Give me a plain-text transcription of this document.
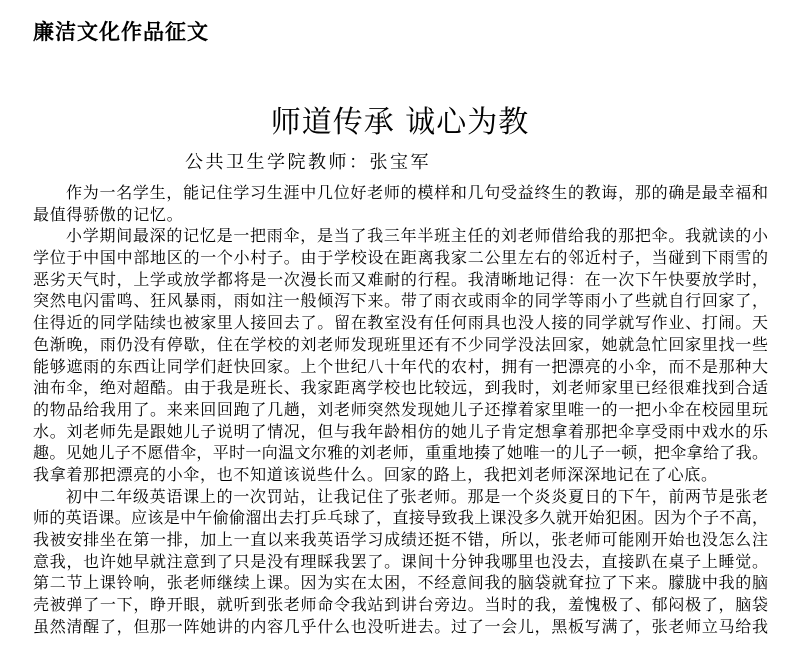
廉洁文化作品征文
师道传承 诚心为教
公共卫生学院教师：张宝军
作为一名学生，能记住学习生涯中几位好老师的模样和几句受益终生的教诲，那的确是最幸福和
最值得骄傲的记忆。
小学期间最深的记忆是一把雨伞，是当了我三年半班主任的刘老师借给我的那把伞。我就读的小
学位于中国中部地区的一个小村子。由于学校设在距离我家二公里左右的邻近村子，当碰到下雨雪的
恶劣天气时，上学或放学都将是一次漫长而又难耐的行程。我清晰地记得：在一次下午快要放学时，
突然电闪雷鸣、狂风暴雨，雨如注一般倾泻下来。带了雨衣或雨伞的同学等雨小了些就自行回家了，
住得近的同学陆续也被家里人接回去了。留在教室没有任何雨具也没人接的同学就写作业、打闹。天
色渐晚，雨仍没有停歇，住在学校的刘老师发现班里还有不少同学没法回家，她就急忙回家里找一些
能够遮雨的东西让同学们赶快回家。上个世纪八十年代的农村，拥有一把漂亮的小伞，而不是那种大
油布伞，绝对超酷。由于我是班长、我家距离学校也比较远，到我时，刘老师家里已经很难找到合适
的物品给我用了。来来回回跑了几趟，刘老师突然发现她儿子还撑着家里唯一的一把小伞在校园里玩
水。刘老师先是跟她儿子说明了情况，但与我年龄相仿的她儿子肯定想拿着那把伞享受雨中戏水的乐
趣。见她儿子不愿借伞，平时一向温文尔雅的刘老师，重重地揍了她唯一的儿子一顿，把伞拿给了我。
我拿着那把漂亮的小伞，也不知道该说些什么。回家的路上，我把刘老师深深地记在了心底。
初中二年级英语课上的一次罚站，让我记住了张老师。那是一个炎炎夏日的下午，前两节是张老
师的英语课。应该是中午偷偷溜出去打乒乓球了，直接导致我上课没多久就开始犯困。因为个子不高，
我被安排坐在第一排，加上一直以来我英语学习成绩还挺不错，所以，张老师可能刚开始也没怎么注
意我，也许她早就注意到了只是没有理睬我罢了。课间十分钟我哪里也没去，直接趴在桌子上睡觉。
第二节上课铃响，张老师继续上课。因为实在太困，不经意间我的脑袋就耷拉了下来。朦胧中我的脑
壳被弹了一下，睁开眼，就听到张老师命令我站到讲台旁边。当时的我，羞愧极了、郁闷极了，脑袋
虽然清醒了，但那一阵她讲的内容几乎什么也没听进去。过了一会儿，黑板写满了，张老师立马给我
